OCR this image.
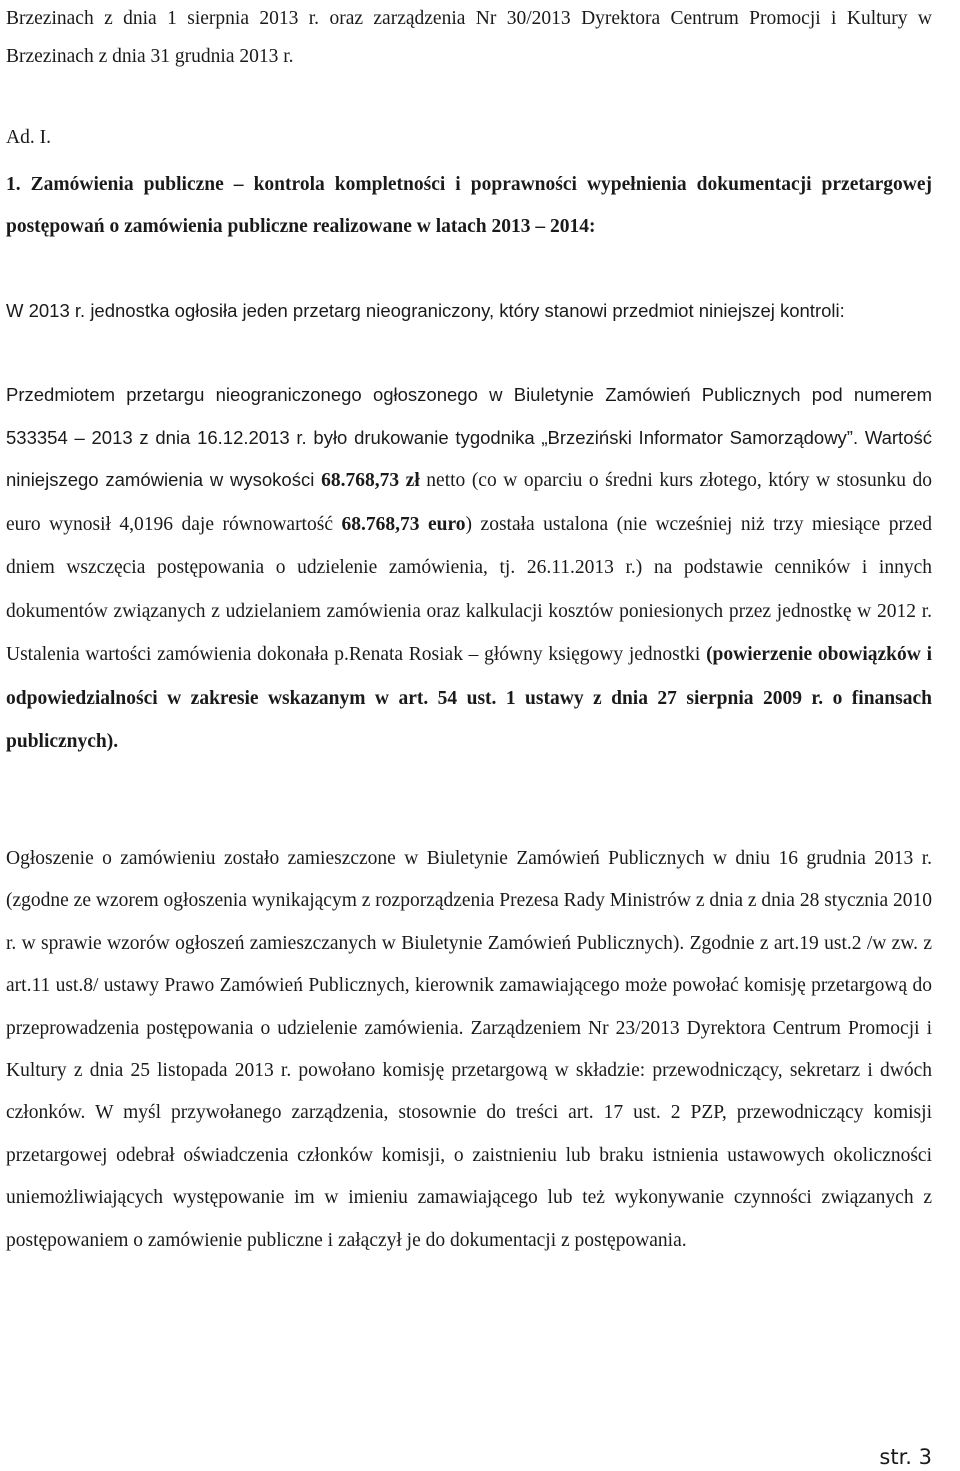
Brzezinach z dnia 1 sierpnia 2013 r. oraz zarządzenia Nr 30/2013 Dyrektora Centrum Promocji i Kultury w Brzezinach z dnia 31 grudnia 2013 r.
Ad. I.
1. Zamówienia publiczne – kontrola kompletności i poprawności wypełnienia dokumentacji przetargowej postępowań o zamówienia publiczne realizowane w latach 2013 – 2014:
W 2013 r. jednostka ogłosiła jeden przetarg nieograniczony, który stanowi przedmiot niniejszej kontroli:
Przedmiotem przetargu nieograniczonego ogłoszonego w Biuletynie Zamówień Publicznych pod numerem 533354 – 2013 z dnia 16.12.2013 r. było drukowanie tygodnika „Brzeziński Informator Samorządowy”. Wartość niniejszego zamówienia w wysokości 68.768,73 zł netto (co w oparciu o średni kurs złotego, który w stosunku do euro wynosił 4,0196 daje równowartość 68.768,73 euro) została ustalona (nie wcześniej niż trzy miesiące przed dniem wszczęcia postępowania o udzielenie zamówienia, tj. 26.11.2013 r.) na podstawie cenników i innych dokumentów związanych z udzielaniem zamówienia oraz kalkulacji kosztów poniesionych przez jednostkę w 2012 r. Ustalenia wartości zamówienia dokonała p.Renata Rosiak – główny księgowy jednostki (powierzenie obowiązków i odpowiedzialności w zakresie wskazanym w art. 54 ust. 1 ustawy z dnia 27 sierpnia 2009 r. o finansach publicznych).
Ogłoszenie o zamówieniu zostało zamieszczone w Biuletynie Zamówień Publicznych w dniu 16 grudnia 2013 r. (zgodne ze wzorem ogłoszenia wynikającym z rozporządzenia Prezesa Rady Ministrów z dnia z dnia 28 stycznia 2010 r. w sprawie wzorów ogłoszeń zamieszczanych w Biuletynie Zamówień Publicznych). Zgodnie z art.19 ust.2 /w zw. z art.11 ust.8/ ustawy Prawo Zamówień Publicznych, kierownik zamawiającego może powołać komisję przetargową do przeprowadzenia postępowania o udzielenie zamówienia. Zarządzeniem Nr 23/2013 Dyrektora Centrum Promocji i Kultury z dnia 25 listopada 2013 r. powołano komisję przetargową w składzie: przewodniczący, sekretarz i dwóch członków. W myśl przywołanego zarządzenia, stosownie do treści art. 17 ust. 2 PZP, przewodniczący komisji przetargowej odebrał oświadczenia członków komisji, o zaistnieniu lub braku istnienia ustawowych okoliczności uniemożliwiających występowanie im w imieniu zamawiającego lub też wykonywanie czynności związanych z postępowaniem o zamówienie publiczne i załączył je do dokumentacji z postępowania.
str. 3
